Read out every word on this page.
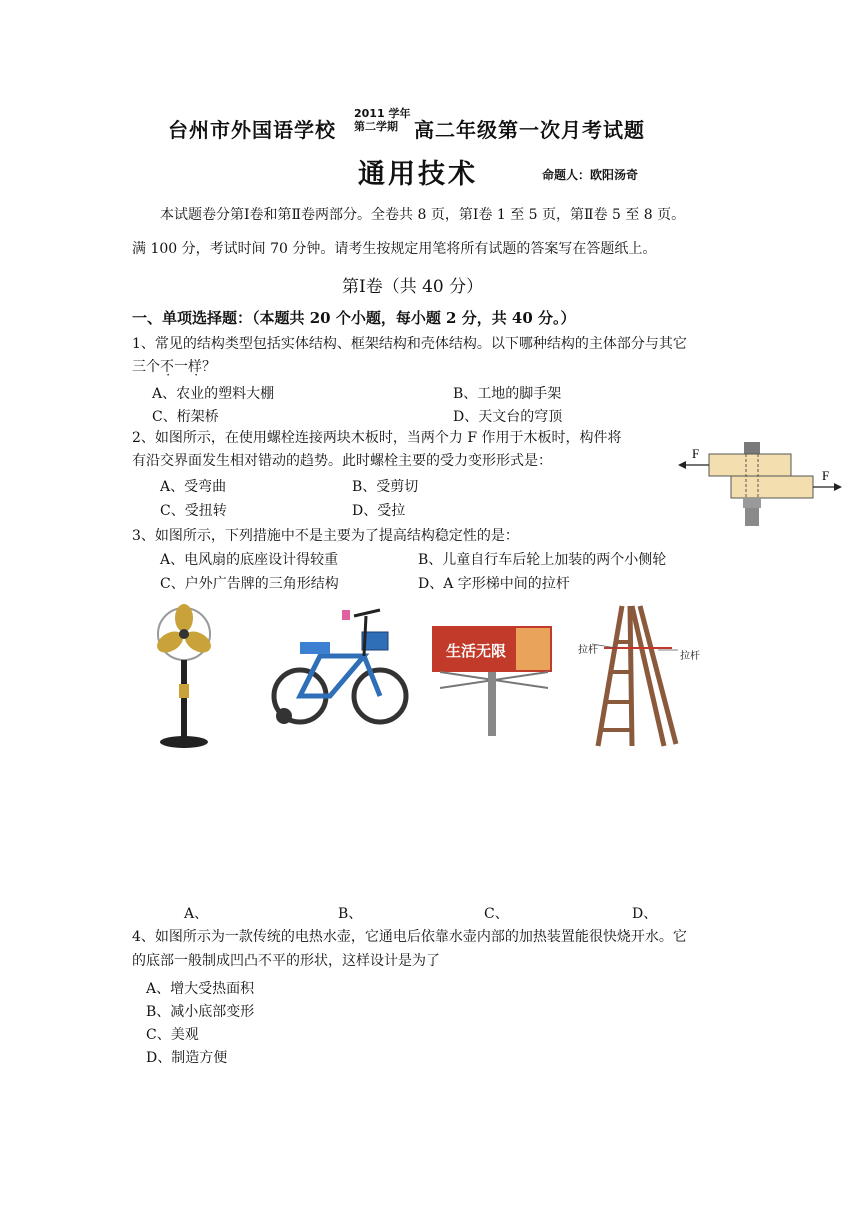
台州市外国语学校
2011 学年
第二学期 高二年级第一次月考试题
通用技术	命题人：欧阳汤奇
本试题卷分第Ⅰ卷和第Ⅱ卷两部分。全卷共 8 页，第Ⅰ卷 1 至 5 页，第Ⅱ卷 5 至 8 页。
满 100 分，考试时间 70 分钟。请考生按规定用笔将所有试题的答案写在答题纸上。
第Ⅰ卷（共 40 分）
一、单项选择题：（本题共 20 个小题，每小题 2 分，共 40 分。）
1、常见的结构类型包括实体结构、框架结构和壳体结构。以下哪种结构的主体部分与其它
三个不一样？
A、农业的塑料大棚	B、工地的脚手架
C、桁架桥	D、天文台的穹顶
2、如图所示，在使用螺栓连接两块木板时，当两个力 F 作用于木板时，构件将
有沿交界面发生相对错动的趋势。此时螺栓主要的受力变形形式是：
A、受弯曲	B、受剪切
C、受扭转	D、受拉
F
F
3、如图所示，下列措施中不是主要为了提高结构稳定性的是：
A、电风扇的底座设计得较重	B、儿童自行车后轮上加装的两个小侧轮
C、户外广告牌的三角形结构	D、A 字形梯中间的拉杆
生活无限	拉杆
拉杆
A、	B、	C、	D、
4、如图所示为一款传统的电热水壶，它通电后依靠水壶内部的加热装置能很快烧开水。它
的底部一般制成凹凸不平的形状，这样设计是为了
A、增大受热面积
B、减小底部变形
C、美观
D、制造方便
